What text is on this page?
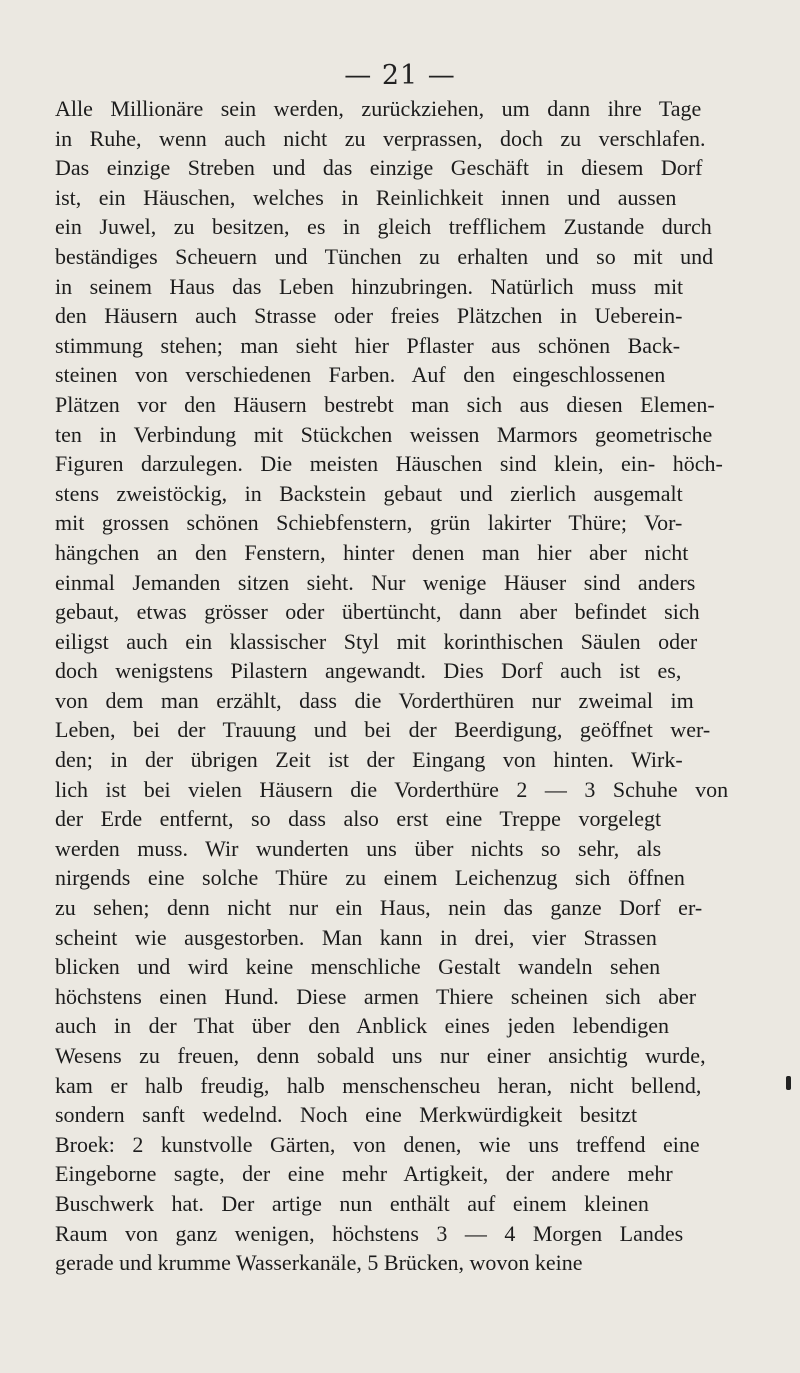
— 21 —
Alle Millionäre sein werden, zurückziehen, um dann ihre Tage
in Ruhe, wenn auch nicht zu verprassen, doch zu verschlafen.
Das einzige Streben und das einzige Geschäft in diesem Dorf
ist, ein Häuschen, welches in Reinlichkeit innen und aussen
ein Juwel, zu besitzen, es in gleich trefflichem Zustande durch
beständiges Scheuern und Tünchen zu erhalten und so mit und
in seinem Haus das Leben hinzubringen. Natürlich muss mit
den Häusern auch Strasse oder freies Plätzchen in Ueberein-
stimmung stehen; man sieht hier Pflaster aus schönen Back-
steinen von verschiedenen Farben. Auf den eingeschlossenen
Plätzen vor den Häusern bestrebt man sich aus diesen Elemen-
ten in Verbindung mit Stückchen weissen Marmors geometrische
Figuren darzulegen. Die meisten Häuschen sind klein, ein- höch-
stens zweistöckig, in Backstein gebaut und zierlich ausgemalt
mit grossen schönen Schiebfenstern, grün lakirter Thüre; Vor-
hängchen an den Fenstern, hinter denen man hier aber nicht
einmal Jemanden sitzen sieht. Nur wenige Häuser sind anders
gebaut, etwas grösser oder übertüncht, dann aber befindet sich
eiligst auch ein klassischer Styl mit korinthischen Säulen oder
doch wenigstens Pilastern angewandt. Dies Dorf auch ist es,
von dem man erzählt, dass die Vorderthüren nur zweimal im
Leben, bei der Trauung und bei der Beerdigung, geöffnet wer-
den; in der übrigen Zeit ist der Eingang von hinten. Wirk-
lich ist bei vielen Häusern die Vorderthüre 2 — 3 Schuhe von
der Erde entfernt, so dass also erst eine Treppe vorgelegt
werden muss. Wir wunderten uns über nichts so sehr, als
nirgends eine solche Thüre zu einem Leichenzug sich öffnen
zu sehen; denn nicht nur ein Haus, nein das ganze Dorf er-
scheint wie ausgestorben. Man kann in drei, vier Strassen
blicken und wird keine menschliche Gestalt wandeln sehen
höchstens einen Hund. Diese armen Thiere scheinen sich aber
auch in der That über den Anblick eines jeden lebendigen
Wesens zu freuen, denn sobald uns nur einer ansichtig wurde,
kam er halb freudig, halb menschenscheu heran, nicht bellend,
sondern sanft wedelnd. Noch eine Merkwürdigkeit besitzt
Broek: 2 kunstvolle Gärten, von denen, wie uns treffend eine
Eingeborne sagte, der eine mehr Artigkeit, der andere mehr
Buschwerk hat. Der artige nun enthält auf einem kleinen
Raum von ganz wenigen, höchstens 3 — 4 Morgen Landes
gerade und krumme Wasserkanäle, 5 Brücken, wovon keine
